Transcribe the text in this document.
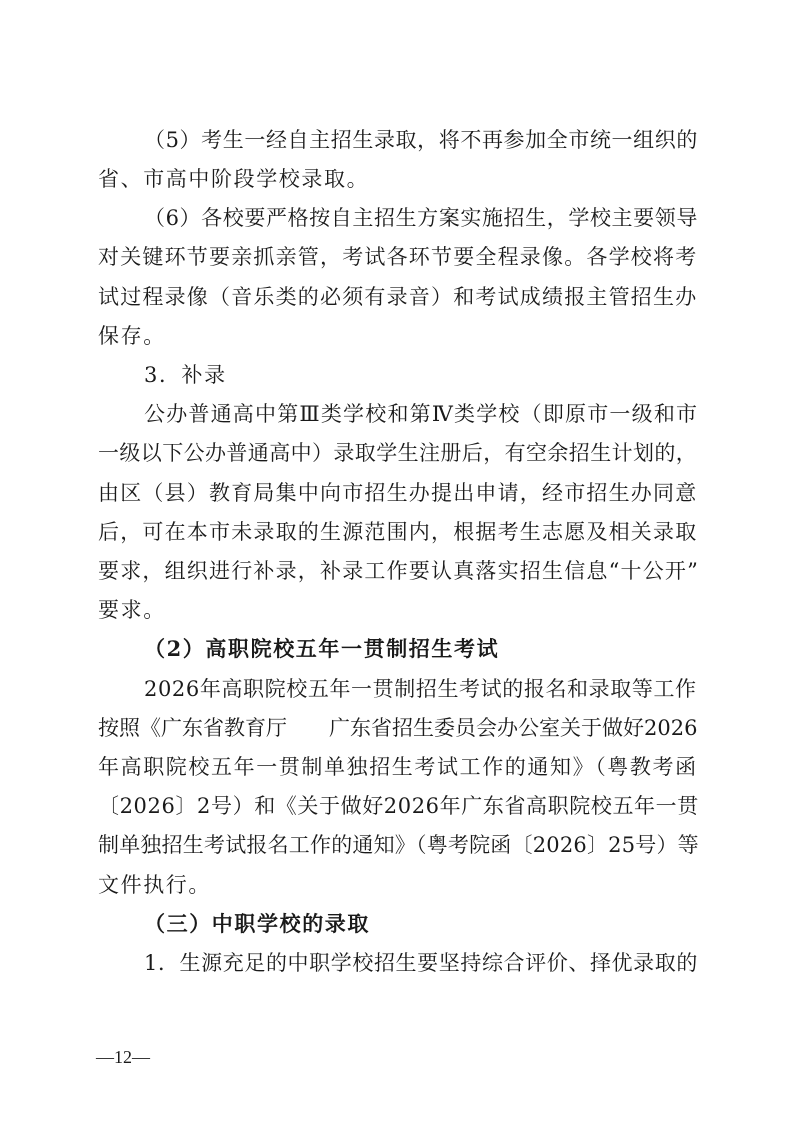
（5）考生一经自主招生录取，将不再参加全市统一组织的
省、市高中阶段学校录取。
（6）各校要严格按自主招生方案实施招生，学校主要领导
对关键环节要亲抓亲管，考试各环节要全程录像。各学校将考
试过程录像（音乐类的必须有录音）和考试成绩报主管招生办
保存。
3．补录
公办普通高中第Ⅲ类学校和第Ⅳ类学校（即原市一级和市
一级以下公办普通高中）录取学生注册后，有空余招生计划的，
由区（县）教育局集中向市招生办提出申请，经市招生办同意
后，可在本市未录取的生源范围内，根据考生志愿及相关录取
要求，组织进行补录，补录工作要认真落实招生信息“十公开”
要求。
（2）高职院校五年一贯制招生考试
2026年高职院校五年一贯制招生考试的报名和录取等工作
按照《广东省教育厅　　广东省招生委员会办公室关于做好2026
年高职院校五年一贯制单独招生考试工作的通知》（粤教考函
〔2026〕2号）和《关于做好2026年广东省高职院校五年一贯
制单独招生考试报名工作的通知》（粤考院函〔2026〕25号）等
文件执行。
（三）中职学校的录取
1．生源充足的中职学校招生要坚持综合评价、择优录取的
—12—
